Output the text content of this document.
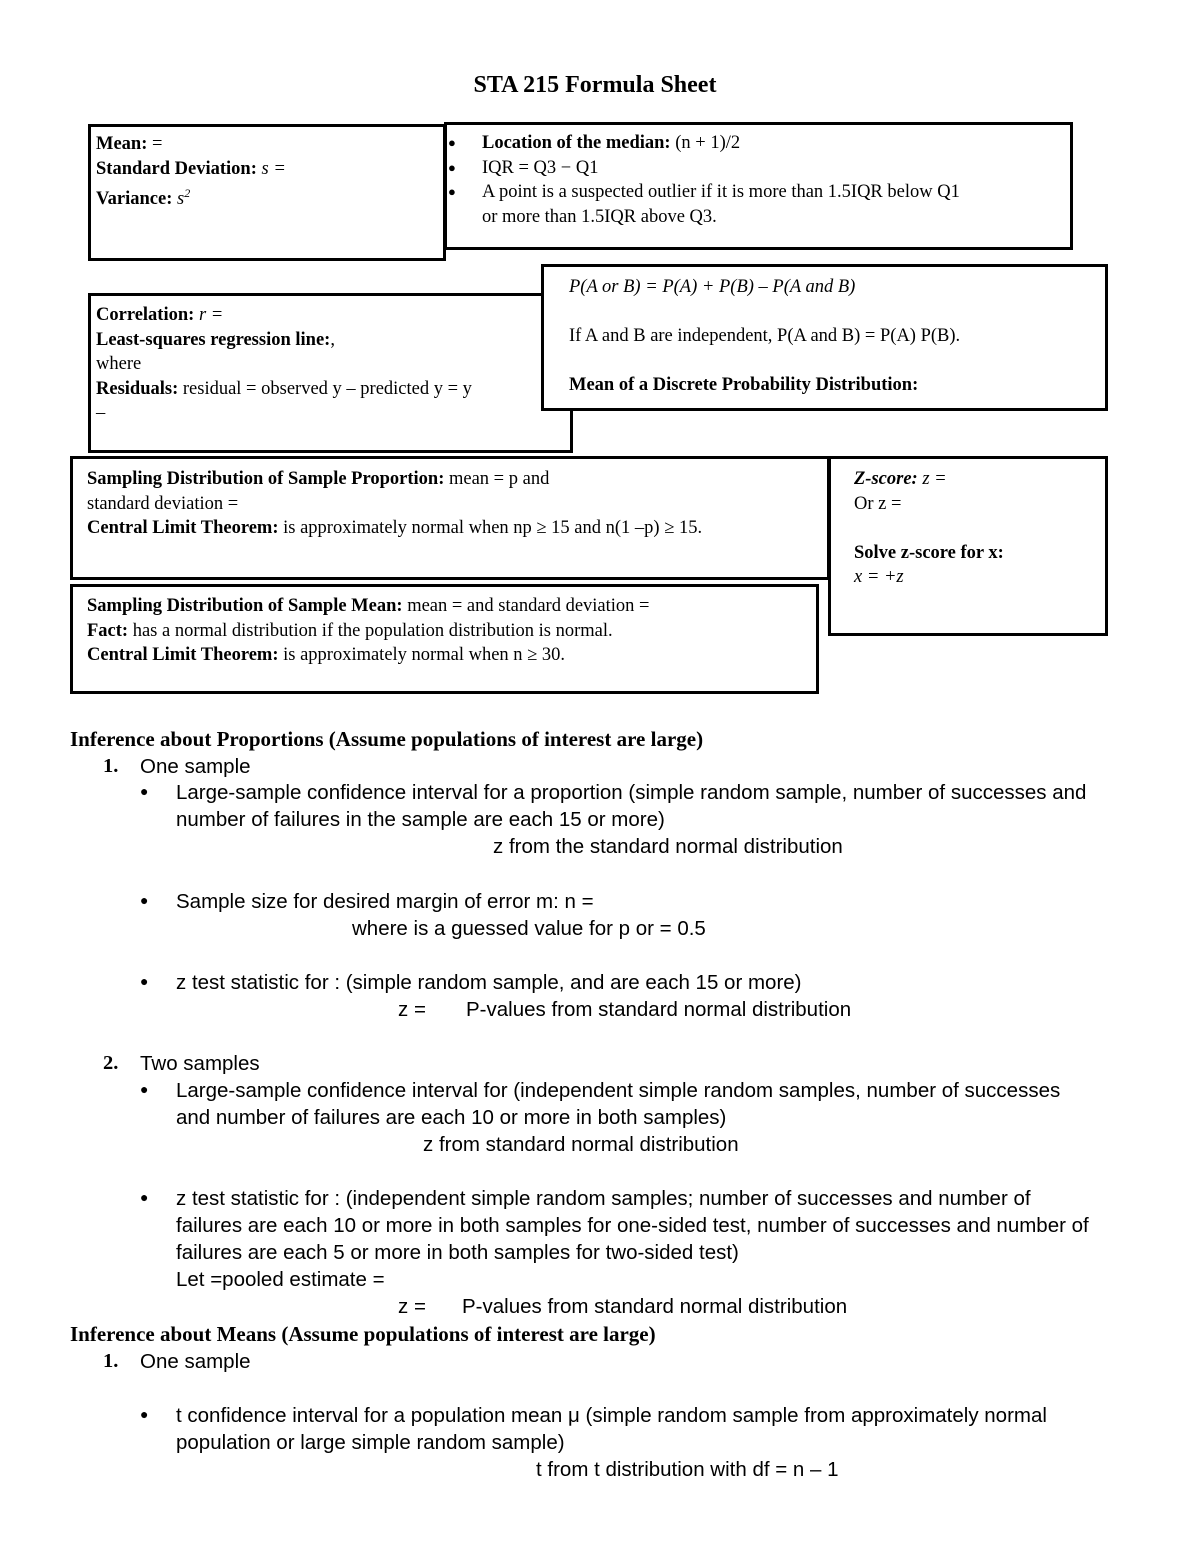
STA 215 Formula Sheet
Mean: =
Standard Deviation: s =
Variance: $s^2$
● Location of the median: (n + 1)/2
● IQR = Q3 − Q1
● A point is a suspected outlier if it is more than 1.5IQR below Q1
or more than 1.5IQR above Q3.
Correlation: r =
Least-squares regression line:,
where
Residuals: residual = observed y – predicted y = y
–
P(A or B) = P(A) + P(B) – P(A and B)
If A and B are independent, P(A and B) = P(A) P(B).
Mean of a Discrete Probability Distribution:
Sampling Distribution of Sample Proportion: mean = p and
standard deviation =
Central Limit Theorem: is approximately normal when np ≥ 15 and n(1 –p) ≥ 15.
Z-score: z =
Or z =
Solve z-score for x:
x = +z
Sampling Distribution of Sample Mean: mean = and standard deviation =
Fact: has a normal distribution if the population distribution is normal.
Central Limit Theorem: is approximately normal when n ≥ 30.
Inference about Proportions (Assume populations of interest are large)
1. One sample
● Large-sample confidence interval for a proportion (simple random sample, number of successes and
number of failures in the sample are each 15 or more)
z from the standard normal distribution
● Sample size for desired margin of error m: n =
where is a guessed value for p or = 0.5
● z test statistic for : (simple random sample, and are each 15 or more)
z = P-values from standard normal distribution
2. Two samples
● Large-sample confidence interval for (independent simple random samples, number of successes
and number of failures are each 10 or more in both samples)
z from standard normal distribution
● z test statistic for : (independent simple random samples; number of successes and number of
failures are each 10 or more in both samples for one-sided test, number of successes and number of
failures are each 5 or more in both samples for two-sided test)
Let =pooled estimate =
z = P-values from standard normal distribution
Inference about Means (Assume populations of interest are large)
1. One sample
● t confidence interval for a population mean μ (simple random sample from approximately normal
population or large simple random sample)
t from t distribution with df = n – 1
